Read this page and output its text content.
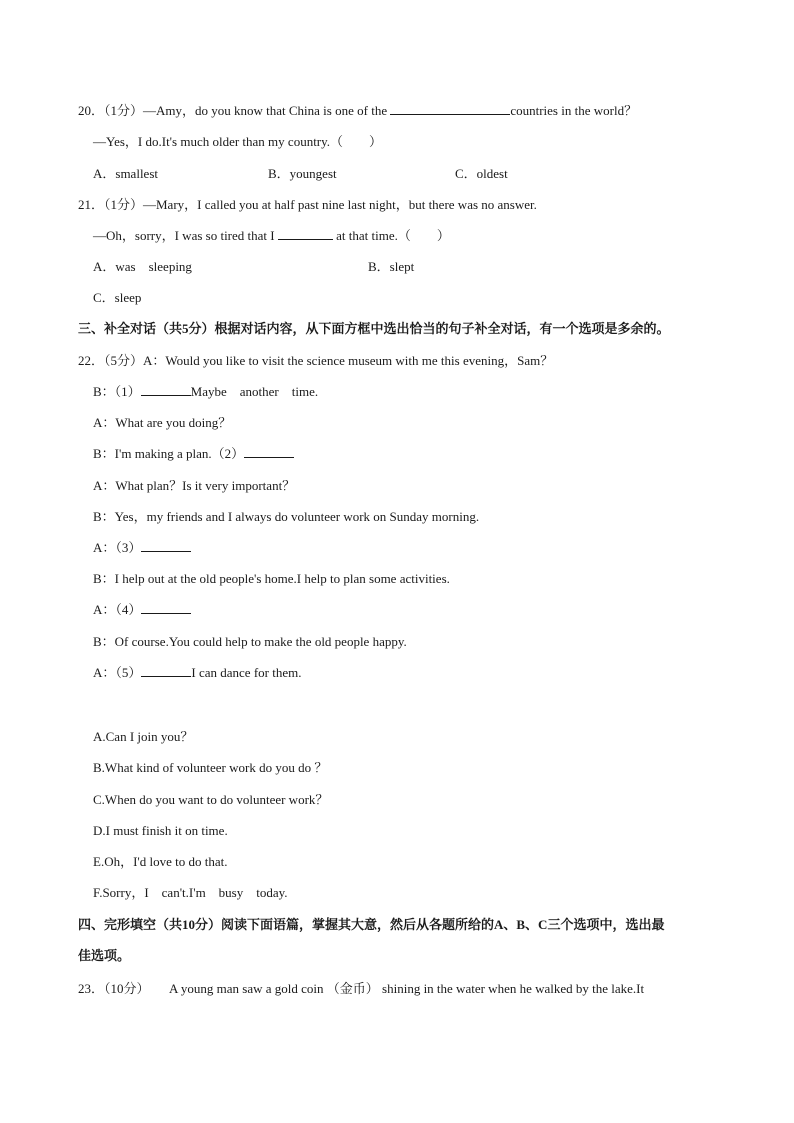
20．（1分）—Amy，do you know that China is one of the	countries in the world？
—Yes，I do.It's much older than my country.（　　）
A．smallest	B．youngest	C．oldest
21．（1分）—Mary，I called you at half past nine last night，but there was no answer.
—Oh，sorry，I was so tired that I	at that time.（　　）
A．was　sleeping	B．slept
C．sleep
三、补全对话（共5分）根据对话内容，从下面方框中选出恰当的句子补全对话，有一个选项是多余的。
22．（5分）A：Would you like to visit the science museum with me this evening，Sam？
B：（1）	Maybe　another　time.
A：What are you doing？
B：I'm making a plan.（2）
A：What plan？Is it very important？
B：Yes，my friends and I always do volunteer work on Sunday morning.
A：（3）
B：I help out at the old people's home.I help to plan some activities.
A：（4）
B：Of course.You could help to make the old people happy.
A：（5）	I can dance for them.
A.Can I join you？
B.What kind of volunteer work do you do ？
C.When do you want to do volunteer work？
D.I must finish it on time.
E.Oh，I'd love to do that.
F.Sorry，I　can't.I'm　busy　today.
四、完形填空（共10分）阅读下面语篇，掌握其大意，然后从各题所给的A、B、C三个选项中，选出最
佳选项。
23．（10分）　　A young man saw a gold coin （金币） shining in the water when he walked by the lake.It
